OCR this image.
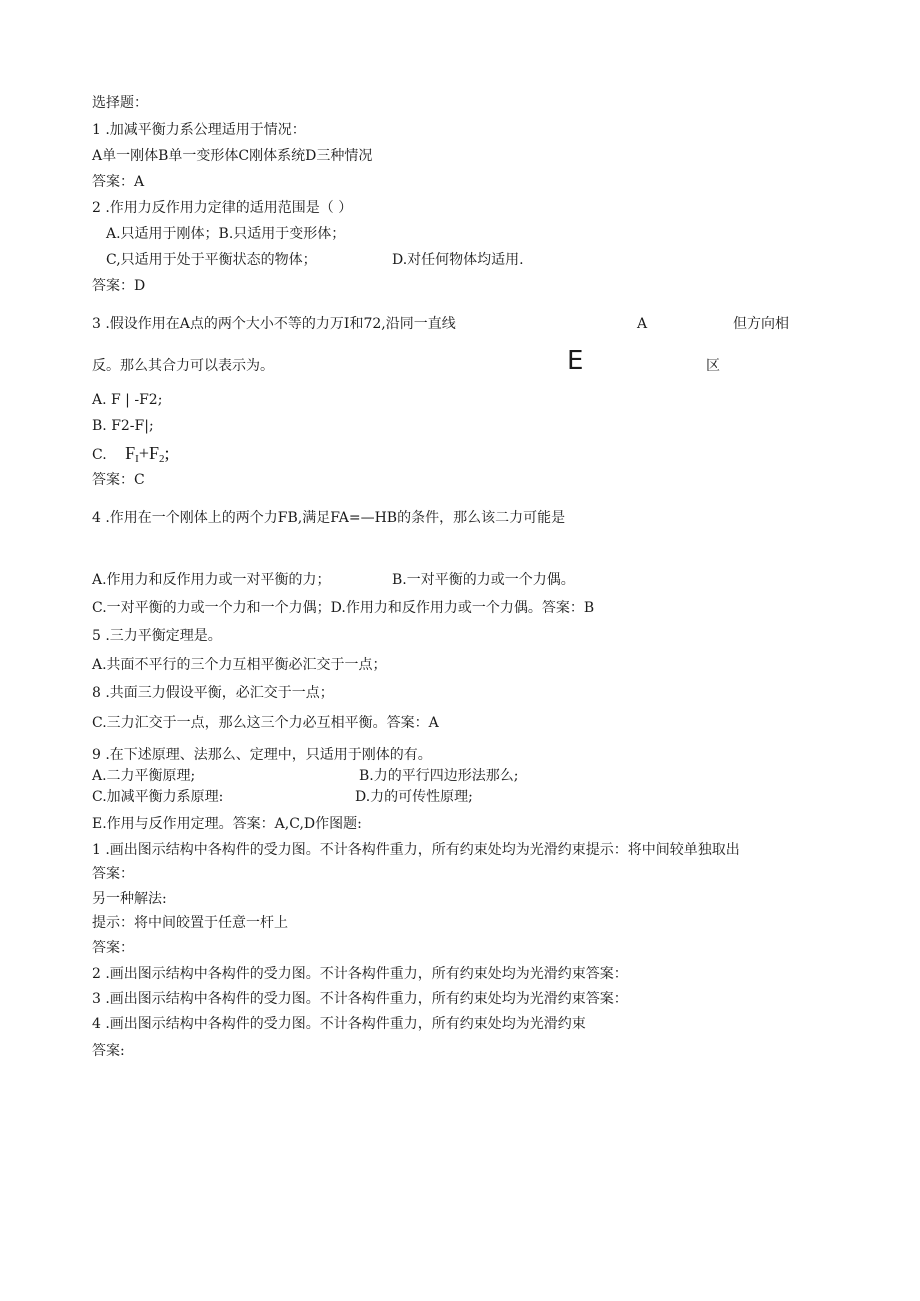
选择题：
1 .加减平衡力系公理适用于情况：
A单一刚体B单一变形体C刚体系统D三种情况
答案：A
2 .作用力反作用力定律的适用范围是（ ）
A.只适用于刚体；B.只适用于变形体；
C,只适用于处于平衡状态的物体；	D.对任何物体均适用.
答案：D
3 .假设作用在A点的两个大小不等的力万I和72,沿同一直线	A	但方向相
反。那么其合力可以表示为。	E	区
A. F | -F2;
B. F2-F|;
C. $F_I+F_2$;
答案：C
4 .作用在一个刚体上的两个力FB,满足FA=—HB的条件，那么该二力可能是
A.作用力和反作用力或一对平衡的力；	B.一对平衡的力或一个力偶。
C.一对平衡的力或一个力和一个力偶；D.作用力和反作用力或一个力偶。答案：B
5 .三力平衡定理是。
A.共面不平行的三个力互相平衡必汇交于一点；
8 .共面三力假设平衡，必汇交于一点；
C.三力汇交于一点，那么这三个力必互相平衡。答案：A
9 .在下述原理、法那么、定理中，只适用于刚体的有。
A.二力平衡原理;	B.力的平行四边形法那么;
C.加减平衡力系原理:	D.力的可传性原理;
E.作用与反作用定理。答案：A,C,D作图题:
1 .画出图示结构中各构件的受力图。不计各构件重力，所有约束处均为光滑约束提示：将中间较单独取出
答案：
另一种解法:
提示：将中间皎置于任意一杆上
答案：
2 .画出图示结构中各构件的受力图。不计各构件重力，所有约束处均为光滑约束答案：
3 .画出图示结构中各构件的受力图。不计各构件重力，所有约束处均为光滑约束答案：
4 .画出图示结构中各构件的受力图。不计各构件重力，所有约束处均为光滑约束
答案:
